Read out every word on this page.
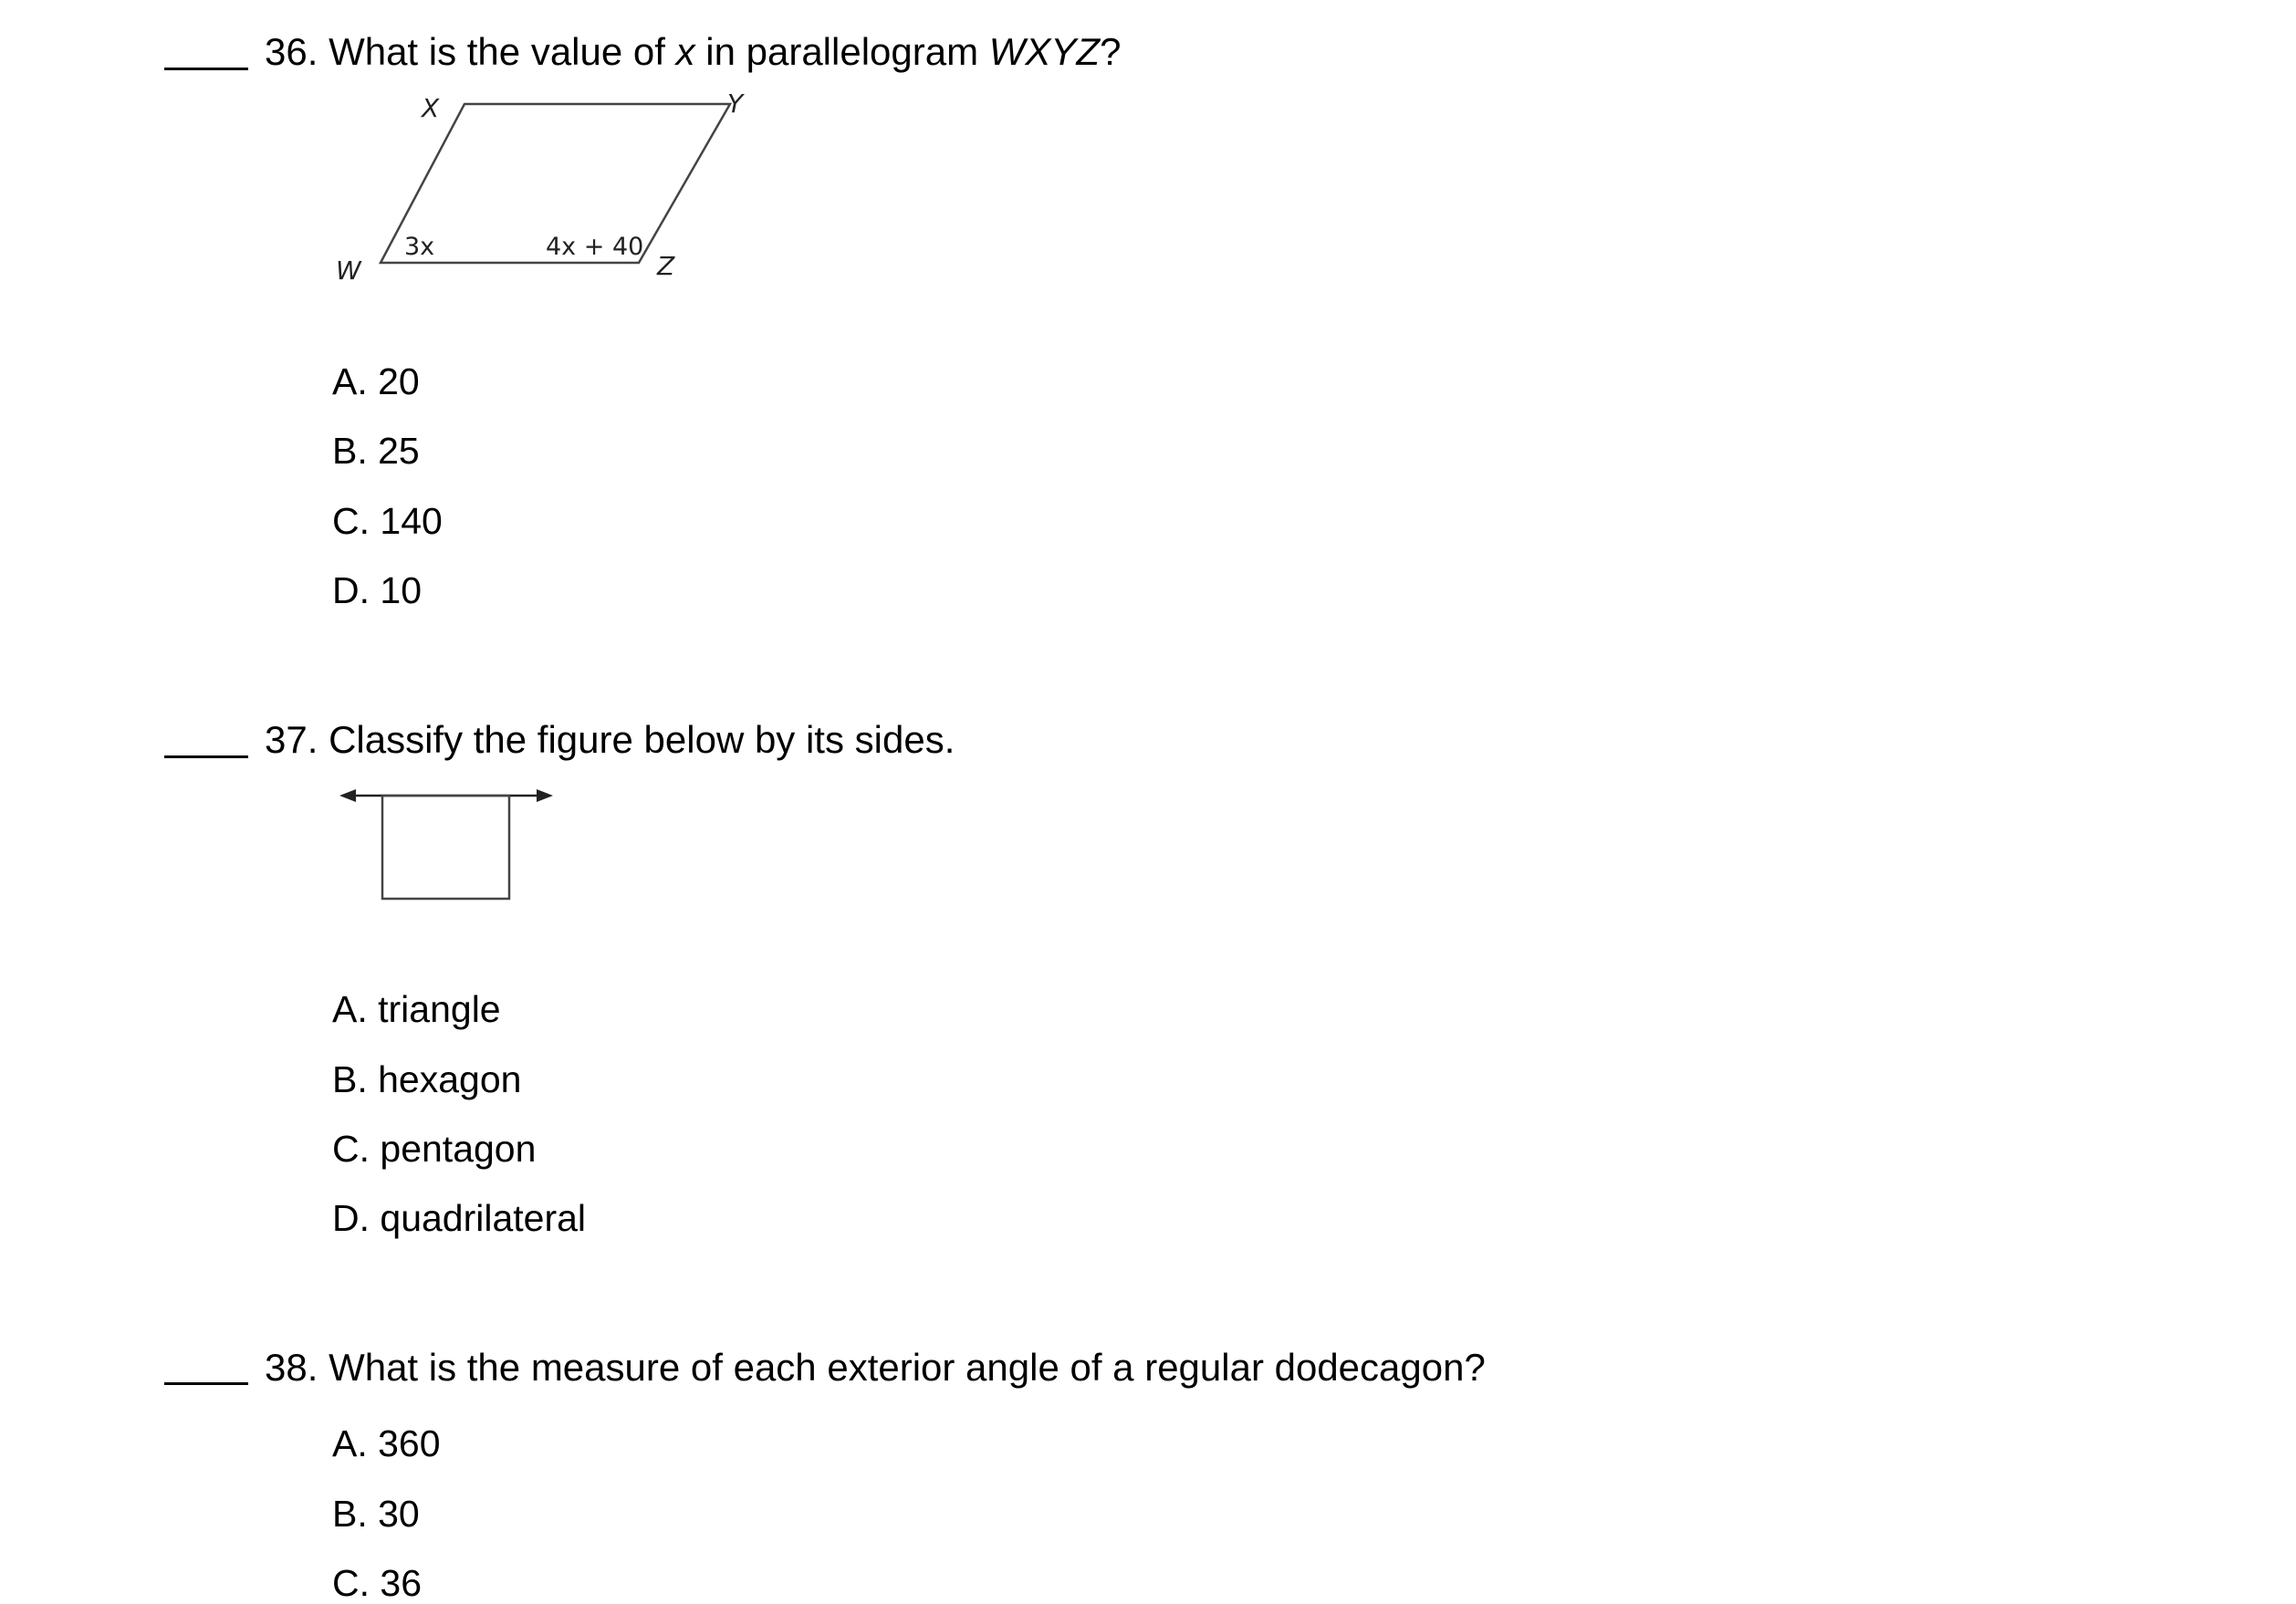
36. What is the value of x in parallelogram WXYZ?
X	Y
W	Z
3x	4x + 40
A. 20
B. 25
C. 140
D. 10
37. Classify the figure below by its sides.
A. triangle
B. hexagon
C. pentagon
D. quadrilateral
38. What is the measure of each exterior angle of a regular dodecagon?
A. 360
B. 30
C. 36
